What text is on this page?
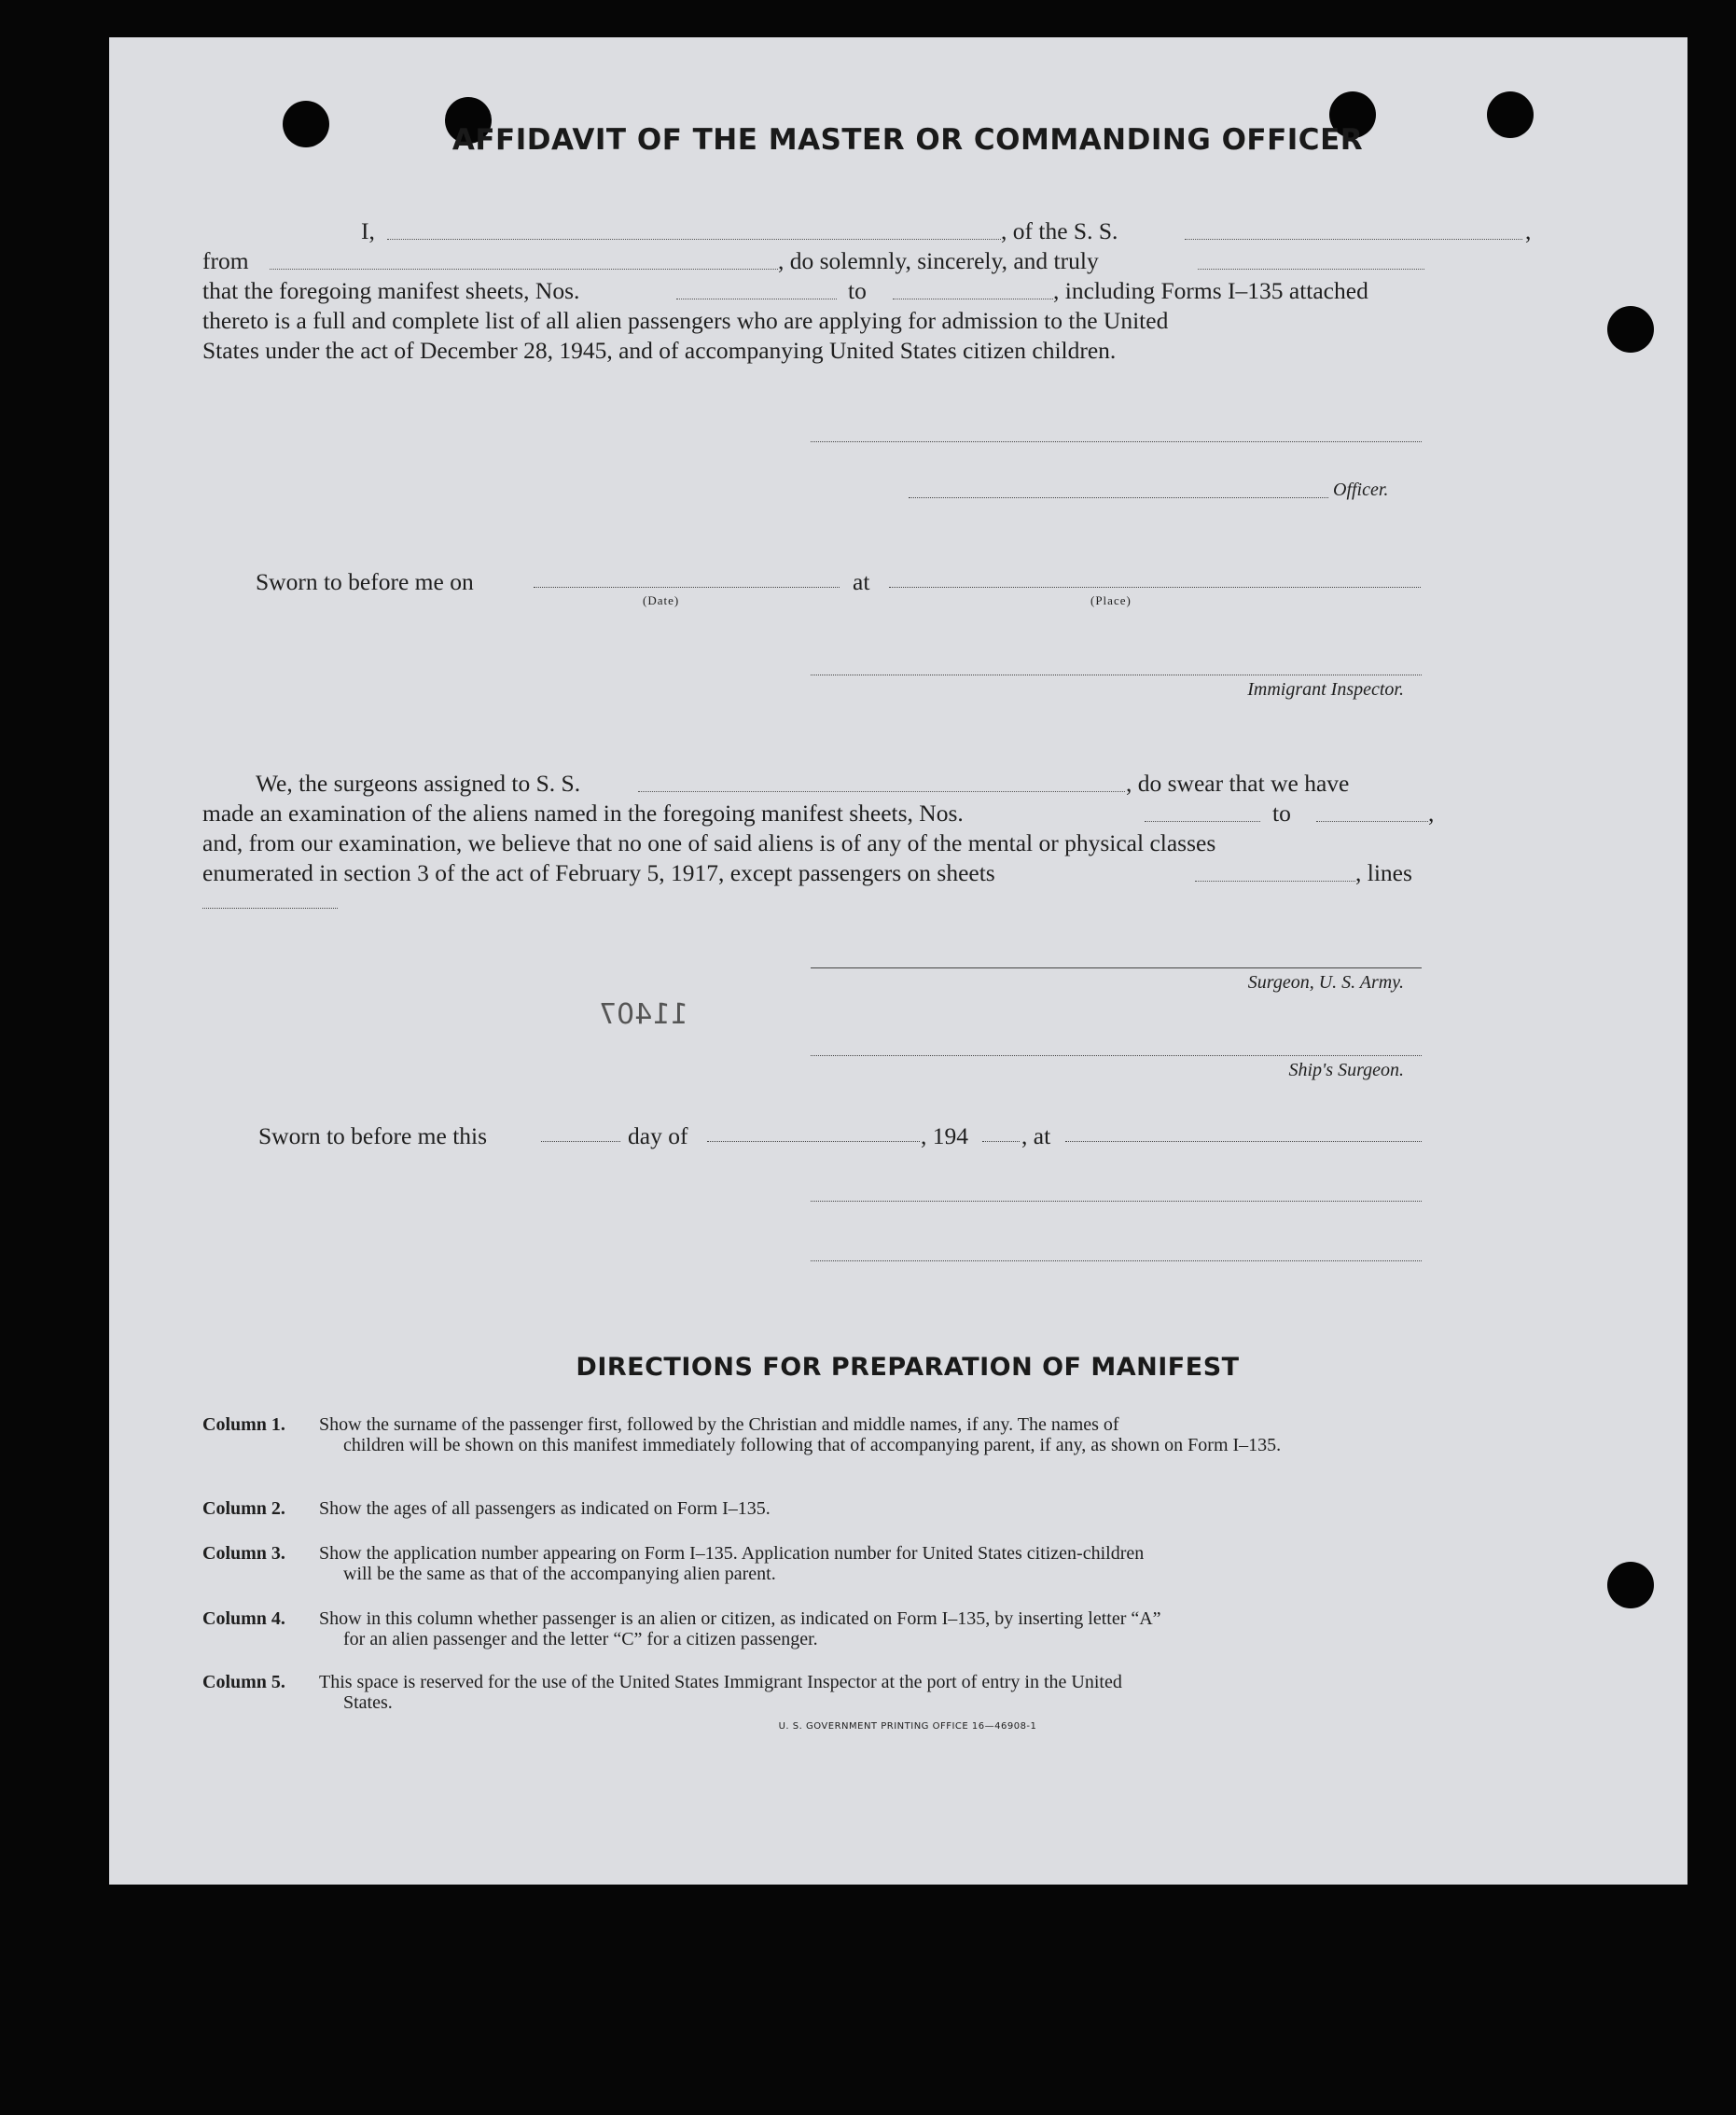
AFFIDAVIT OF THE MASTER OR COMMANDING OFFICER
I,	, of the S. S.	,
from	, do solemnly, sincerely, and truly
that the foregoing manifest sheets, Nos.	to	, including Forms I–135 attached
thereto is a full and complete list of all alien passengers who are applying for admission to the United
States under the act of December 28, 1945, and of accompanying United States citizen children.
Officer.
Sworn to before me on	at
(Date)	(Place)
Immigrant Inspector.
We, the surgeons assigned to S. S.	, do swear that we have
made an examination of the aliens named in the foregoing manifest sheets, Nos.	to	,
and, from our examination, we believe that no one of said aliens is of any of the mental or physical classes
enumerated in section 3 of the act of February 5, 1917, except passengers on sheets	, lines
Surgeon, U. S. Army.
11407
Ship's Surgeon.
Sworn to before me this	day of	, 194 , at
DIRECTIONS FOR PREPARATION OF MANIFEST
Column 1.	Show the surname of the passenger first, followed by the Christian and middle names, if any. The names of
children will be shown on this manifest immediately following that of accompanying parent, if any, as shown on Form I–135.
Column 2.	Show the ages of all passengers as indicated on Form I–135.
Column 3.	Show the application number appearing on Form I–135. Application number for United States citizen-children
will be the same as that of the accompanying alien parent.
Column 4.	Show in this column whether passenger is an alien or citizen, as indicated on Form I–135, by inserting letter “A”
for an alien passenger and the letter “C” for a citizen passenger.
Column 5.	This space is reserved for the use of the United States Immigrant Inspector at the port of entry in the United
States.
U. S. GOVERNMENT PRINTING OFFICE 16—46908-1
